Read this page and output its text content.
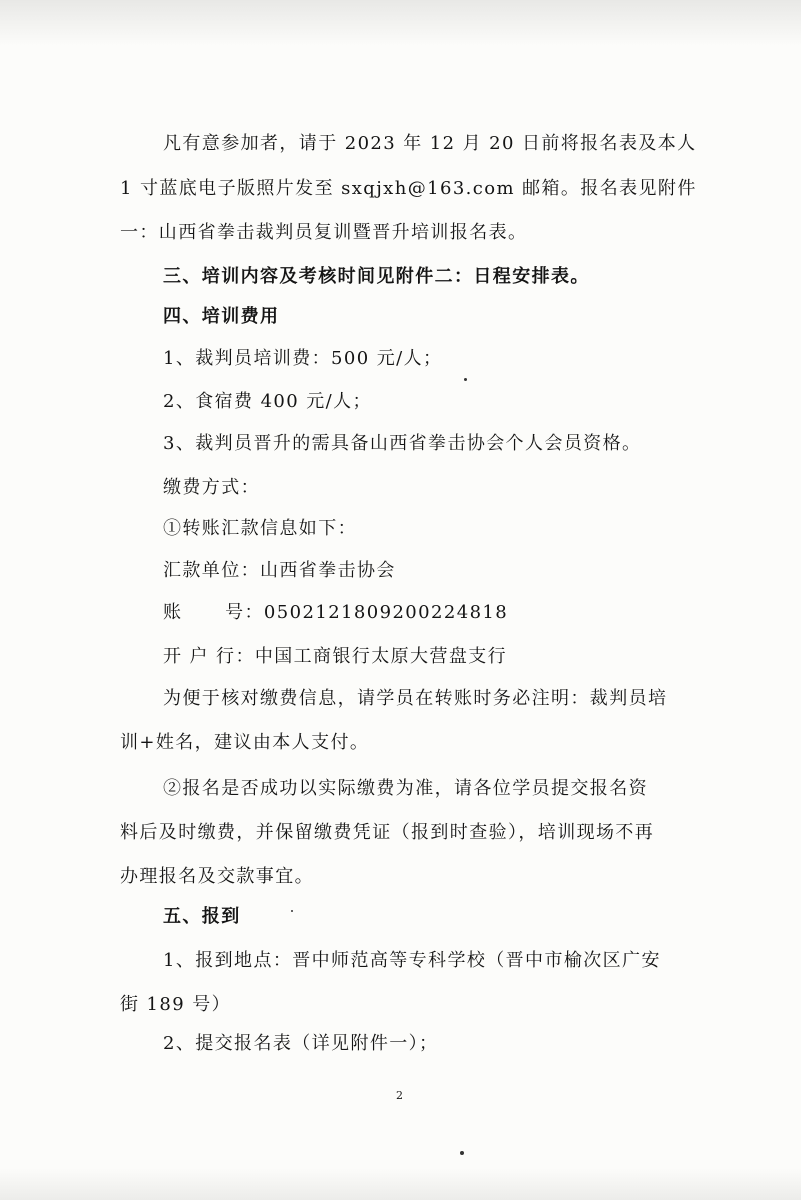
凡有意参加者，请于 2023 年 12 月 20 日前将报名表及本人
1 寸蓝底电子版照片发至 sxqjxh@163.com 邮箱。报名表见附件
一：山西省拳击裁判员复训暨晋升培训报名表。
三、培训内容及考核时间见附件二：日程安排表。
四、培训费用
1、裁判员培训费：500 元/人；
2、食宿费 400 元/人；
3、裁判员晋升的需具备山西省拳击协会个人会员资格。
缴费方式：
①转账汇款信息如下：
汇款单位：山西省拳击协会
账      号：0502121809200224818
开 户 行：中国工商银行太原大营盘支行
为便于核对缴费信息，请学员在转账时务必注明：裁判员培
训+姓名，建议由本人支付。
②报名是否成功以实际缴费为准，请各位学员提交报名资
料后及时缴费，并保留缴费凭证（报到时查验），培训现场不再
办理报名及交款事宜。
五、报到
1、报到地点：晋中师范高等专科学校（晋中市榆次区广安
街 189 号）
2、提交报名表（详见附件一）；
2
